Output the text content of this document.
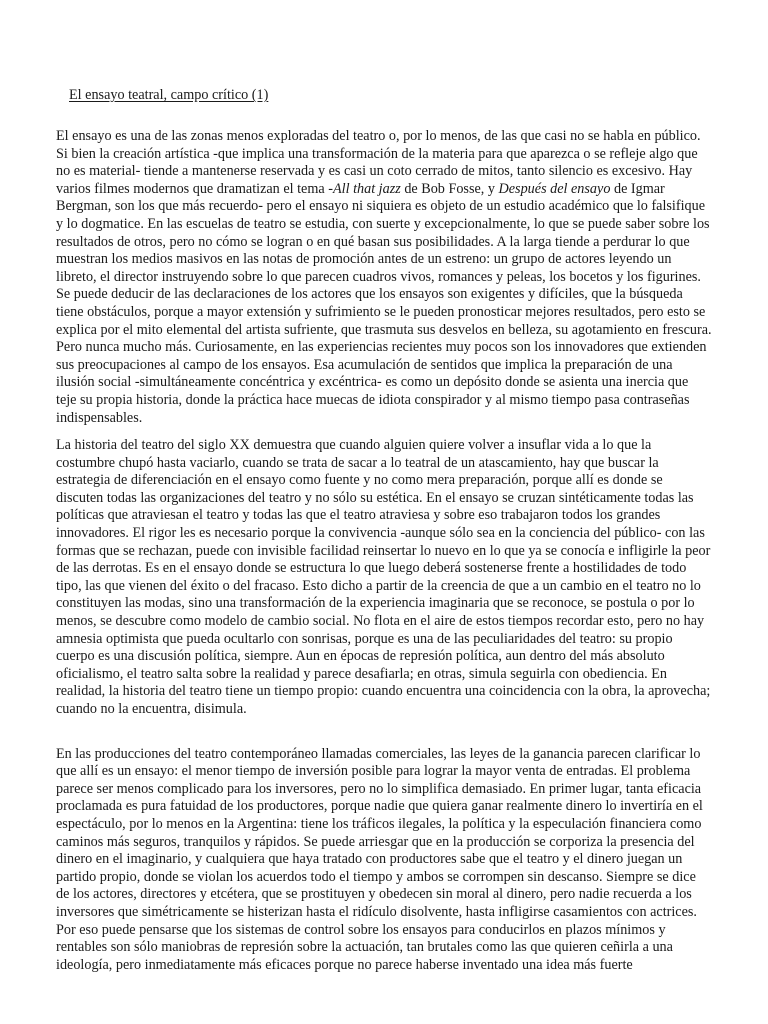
El ensayo teatral, campo crítico (1)

El ensayo es una de las zonas menos exploradas del teatro o, por lo menos, de las que casi no se habla en público. Si bien la creación artística -que implica una transformación de la materia para que aparezca o se refleje algo que no es material- tiende a mantenerse reservada y es casi un coto cerrado de mitos, tanto silencio es excesivo. Hay varios filmes modernos que dramatizan el tema -All that jazz de Bob Fosse, y Después del ensayo de Igmar Bergman, son los que más recuerdo- pero el ensayo ni siquiera es objeto de un estudio académico que lo falsifique y lo dogmatice. En las escuelas de teatro se estudia, con suerte y excepcionalmente, lo que se puede saber sobre los resultados de otros, pero no cómo se logran o en qué basan sus posibilidades. A la larga tiende a perdurar lo que muestran los medios masivos en las notas de promoción antes de un estreno: un grupo de actores leyendo un libreto, el director instruyendo sobre lo que parecen cuadros vivos, romances y peleas, los bocetos y los figurines. Se puede deducir de las declaraciones de los actores que los ensayos son exigentes y difíciles, que la búsqueda tiene obstáculos, porque a mayor extensión y sufrimiento se le pueden pronosticar mejores resultados, pero esto se explica por el mito elemental del artista sufriente, que trasmuta sus desvelos en belleza, su agotamiento en frescura. Pero nunca mucho más. Curiosamente, en las experiencias recientes muy pocos son los innovadores que extienden sus preocupaciones al campo de los ensayos. Esa acumulación de sentidos que implica la preparación de una ilusión social -simultáneamente concéntrica y excéntrica- es como un depósito donde se asienta una inercia que teje su propia historia, donde la práctica hace muecas de idiota conspirador y al mismo tiempo pasa contraseñas indispensables.

La historia del teatro del siglo XX demuestra que cuando alguien quiere volver a insuflar vida a lo que la costumbre chupó hasta vaciarlo, cuando se trata de sacar a lo teatral de un atascamiento, hay que buscar la estrategia de diferenciación en el ensayo como fuente y no como mera preparación, porque allí es donde se discuten todas las organizaciones del teatro y no sólo su estética. En el ensayo se cruzan sintéticamente todas las políticas que atraviesan el teatro y todas las que el teatro atraviesa y sobre eso trabajaron todos los grandes innovadores. El rigor les es necesario porque la convivencia -aunque sólo sea en la conciencia del público- con las formas que se rechazan, puede con invisible facilidad reinsertar lo nuevo en lo que ya se conocía e infligirle la peor de las derrotas. Es en el ensayo donde se estructura lo que luego deberá sostenerse frente a hostilidades de todo tipo, las que vienen del éxito o del fracaso. Esto dicho a partir de la creencia de que a un cambio en el teatro no lo constituyen las modas, sino una transformación de la experiencia imaginaria que se reconoce, se postula o por lo menos, se descubre como modelo de cambio social. No flota en el aire de estos tiempos recordar esto, pero no hay amnesia optimista que pueda ocultarlo con sonrisas, porque es una de las peculiaridades del teatro: su propio cuerpo es una discusión política, siempre. Aun en épocas de represión política, aun dentro del más absoluto oficialismo, el teatro salta sobre la realidad y parece desafiarla; en otras, simula seguirla con obediencia. En realidad, la historia del teatro tiene un tiempo propio: cuando encuentra una coincidencia con la obra, la aprovecha; cuando no la encuentra, disimula.

En las producciones del teatro contemporáneo llamadas comerciales, las leyes de la ganancia parecen clarificar lo que allí es un ensayo: el menor tiempo de inversión posible para lograr la mayor venta de entradas. El problema parece ser menos complicado para los inversores, pero no lo simplifica demasiado. En primer lugar, tanta eficacia proclamada es pura fatuidad de los productores, porque nadie que quiera ganar realmente dinero lo invertiría en el espectáculo, por lo menos en la Argentina: tiene los tráficos ilegales, la política y la especulación financiera como caminos más seguros, tranquilos y rápidos. Se puede arriesgar que en la producción se corporiza la presencia del dinero en el imaginario, y cualquiera que haya tratado con productores sabe que el teatro y el dinero juegan un partido propio, donde se violan los acuerdos todo el tiempo y ambos se corrompen sin descanso. Siempre se dice de los actores, directores y etcétera, que se prostituyen y obedecen sin moral al dinero, pero nadie recuerda a los inversores que simétricamente se histerizan hasta el ridículo disolvente, hasta infligirse casamientos con actrices. Por eso puede pensarse que los sistemas de control sobre los ensayos para conducirlos en plazos mínimos y rentables son sólo maniobras de represión sobre la actuación, tan brutales como las que quieren ceñirla a una ideología, pero inmediatamente más eficaces porque no parece haberse inventado una idea más fuerte
